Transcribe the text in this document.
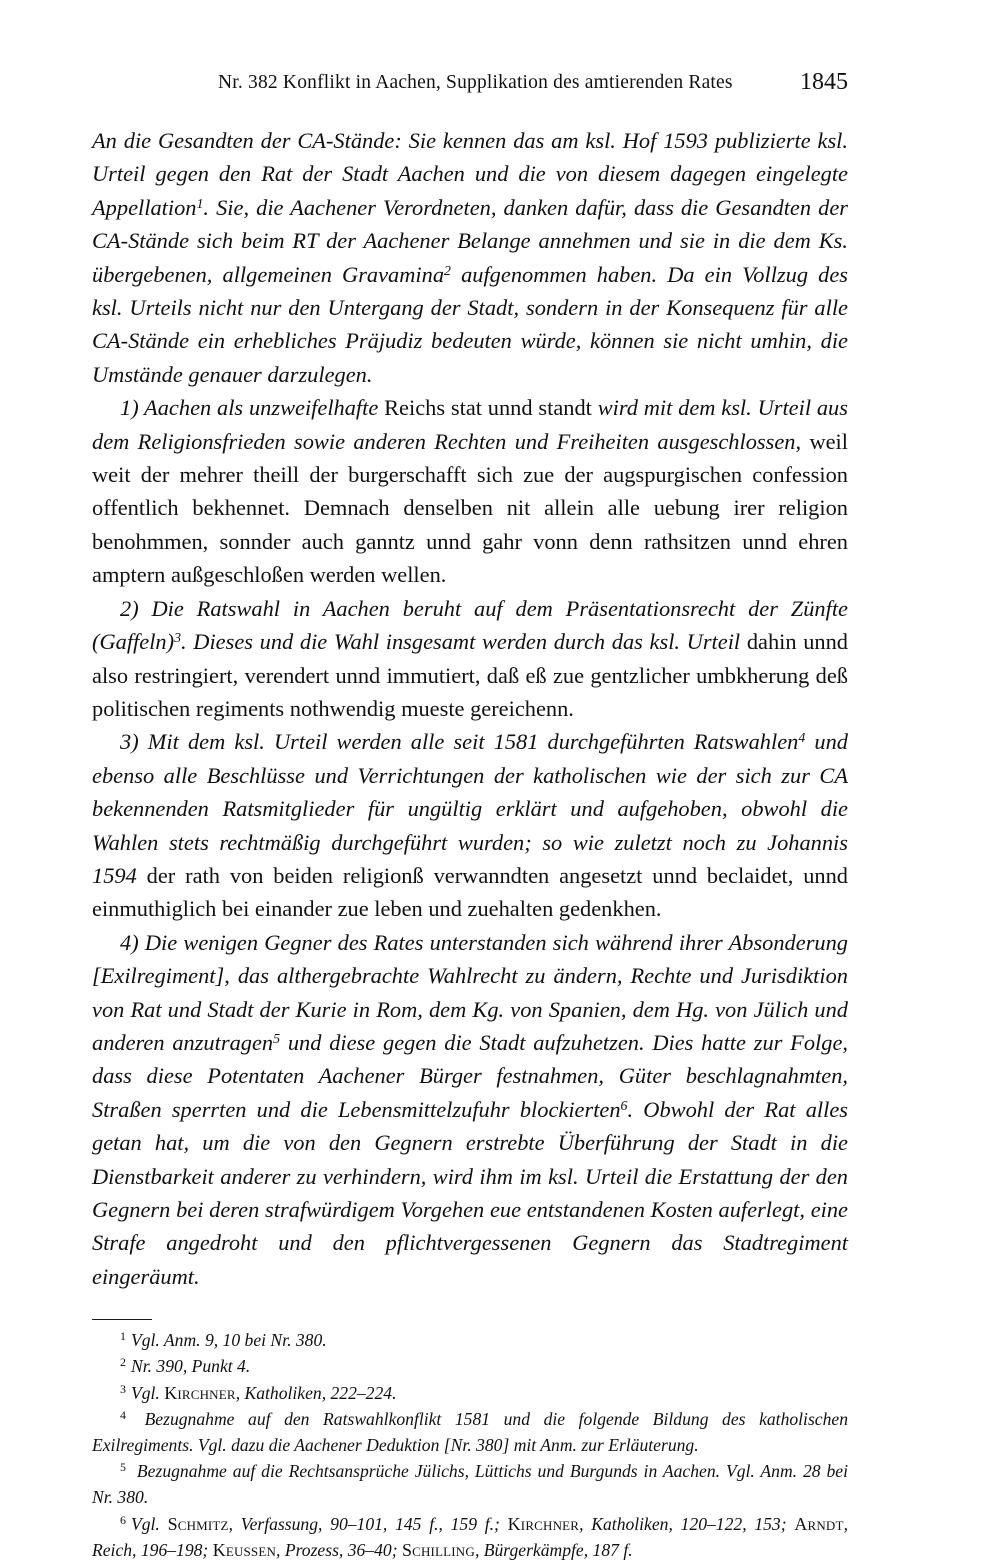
Nr. 382 Konflikt in Aachen, Supplikation des amtierenden Rates	1845

An die Gesandten der CA-Stände: Sie kennen das am ksl. Hof 1593 publizierte ksl. Urteil gegen den Rat der Stadt Aachen und die von diesem dagegen eingelegte Appellation$^1$. Sie, die Aachener Verordneten, danken dafür, dass die Gesandten der CA-Stände sich beim RT der Aachener Belange annehmen und sie in die dem Ks. übergebenen, allgemeinen Gravamina$^2$ aufgenommen haben. Da ein Vollzug des ksl. Urteils nicht nur den Untergang der Stadt, sondern in der Konsequenz für alle CA-Stände ein erhebliches Präjudiz bedeuten würde, können sie nicht umhin, die Umstände genauer darzulegen.

1) Aachen als unzweifelhafte Reichs stat unnd standt wird mit dem ksl. Urteil aus dem Religionsfrieden sowie anderen Rechten und Freiheiten ausgeschlossen, weil weit der mehrer theill der burgerschafft sich zue der augspurgischen confession offentlich bekhennet. Demnach denselben nit allein alle uebung irer religion benohmmen, sonnder auch ganntz unnd gahr vonn denn rathsitzen unnd ehren amptern außgeschloßen werden wellen.

2) Die Ratswahl in Aachen beruht auf dem Präsentationsrecht der Zünfte (Gaffeln)$^3$. Dieses und die Wahl insgesamt werden durch das ksl. Urteil dahin unnd also restringiert, verendert unnd immutiert, daß eß zue gentzlicher umbkherung deß politischen regiments nothwendig mueste gereichenn.

3) Mit dem ksl. Urteil werden alle seit 1581 durchgeführten Ratswahlen$^4$ und ebenso alle Beschlüsse und Verrichtungen der katholischen wie der sich zur CA bekennenden Ratsmitglieder für ungültig erklärt und aufgehoben, obwohl die Wahlen stets rechtmäßig durchgeführt wurden; so wie zuletzt noch zu Johannis 1594 der rath von beiden religionß verwanndten angesetzt unnd beclaidet, unnd einmuthiglich bei einander zue leben und zuehalten gedenkhen.

4) Die wenigen Gegner des Rates unterstanden sich während ihrer Absonderung [Exilregiment], das althergebrachte Wahlrecht zu ändern, Rechte und Jurisdiktion von Rat und Stadt der Kurie in Rom, dem Kg. von Spanien, dem Hg. von Jülich und anderen anzutragen$^5$ und diese gegen die Stadt aufzuhetzen. Dies hatte zur Folge, dass diese Potentaten Aachener Bürger festnahmen, Güter beschlagnahmten, Straßen sperrten und die Lebensmittelzufuhr blockierten$^6$. Obwohl der Rat alles getan hat, um die von den Gegnern erstrebte Überführung der Stadt in die Dienstbarkeit anderer zu verhindern, wird ihm im ksl. Urteil die Erstattung der den Gegnern bei deren strafwürdigem Vorgehen eue entstandenen Kosten auferlegt, eine Strafe angedroht und den pflichtvergessenen Gegnern das Stadtregiment eingeräumt.

$^1$ Vgl. Anm. 9, 10 bei Nr. 380.

$^2$ Nr. 390, Punkt 4.

$^3$ Vgl. Kirchner, Katholiken, 222–224.

$^4$ Bezugnahme auf den Ratswahlkonflikt 1581 und die folgende Bildung des katholischen Exilregiments. Vgl. dazu die Aachener Deduktion [Nr. 380] mit Anm. zur Erläuterung.

$^5$ Bezugnahme auf die Rechtsansprüche Jülichs, Lüttichs und Burgunds in Aachen. Vgl. Anm. 28 bei Nr. 380.

$^6$ Vgl. Schmitz, Verfassung, 90–101, 145 f., 159 f.; Kirchner, Katholiken, 120–122, 153; Arndt, Reich, 196–198; Keussen, Prozess, 36–40; Schilling, Bürgerkämpfe, 187 f.
